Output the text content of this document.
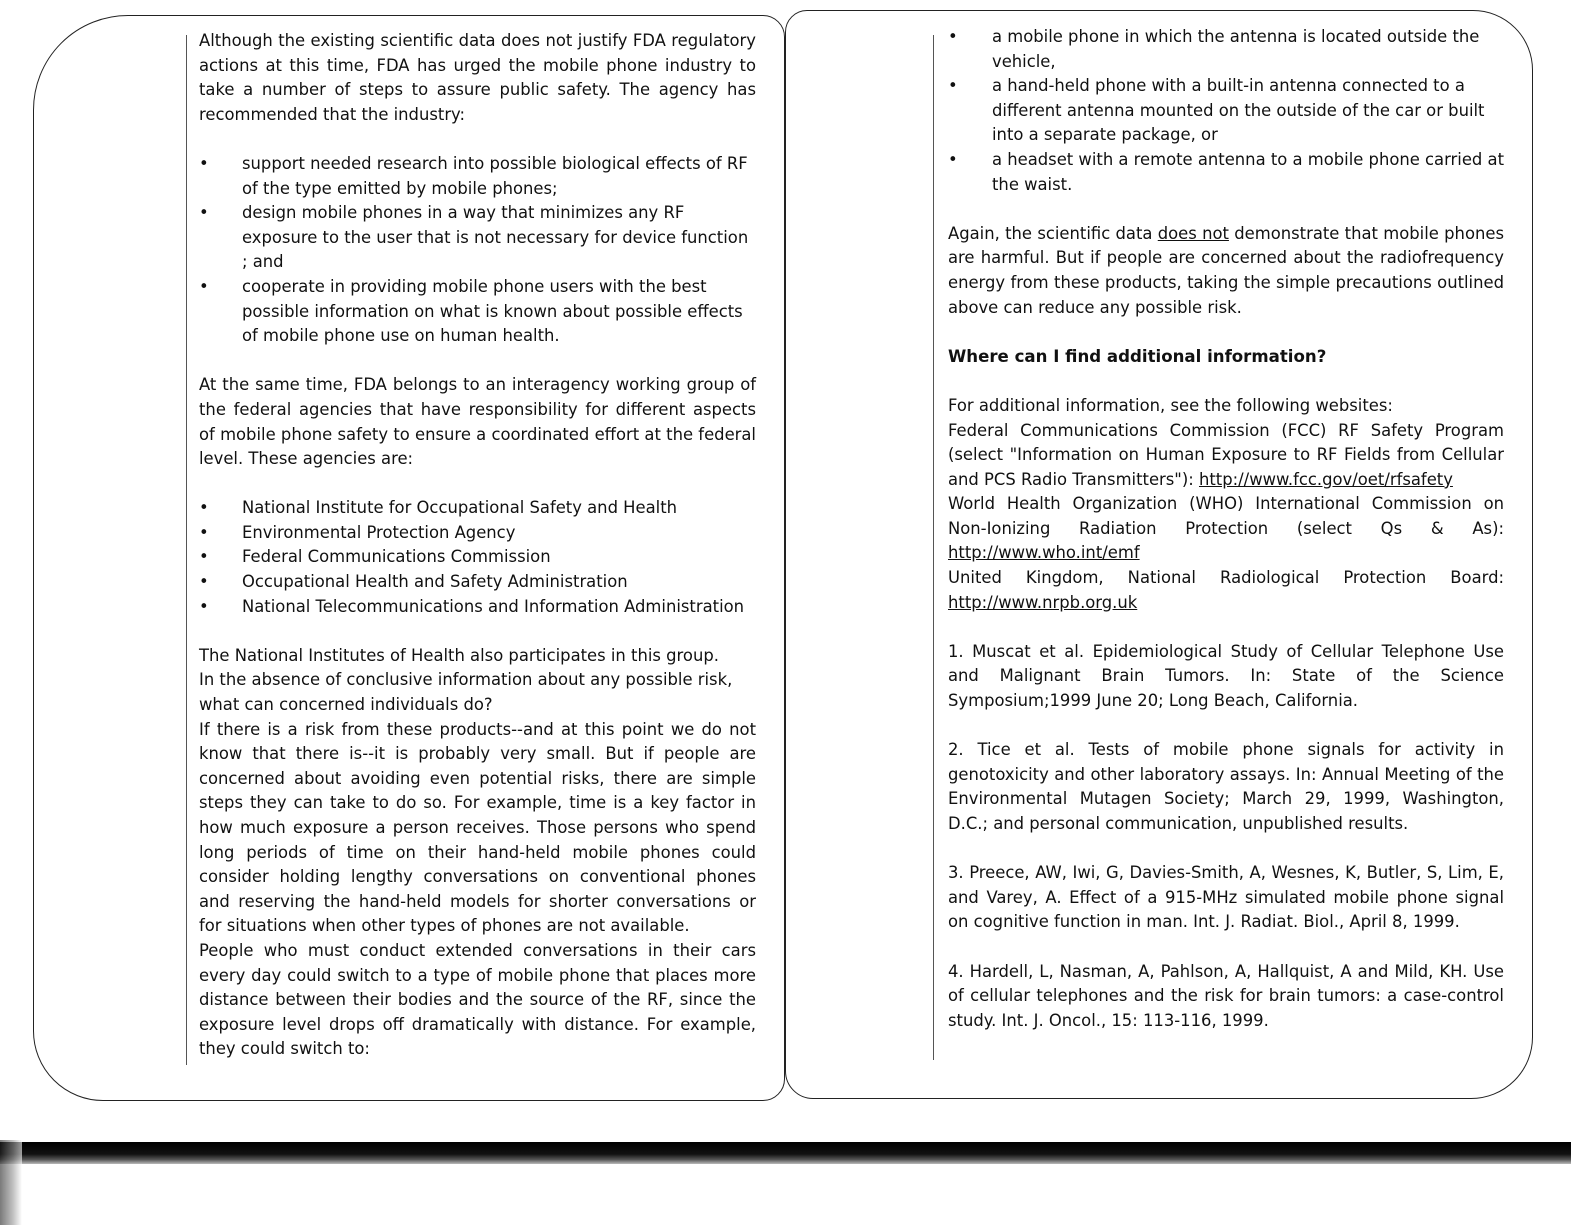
Although the existing scientific data does not justify FDA regulatory actions at this time, FDA has urged the mobile phone industry to take a number of steps to assure public safety. The agency has recommended that the industry:

• support needed research into possible biological effects of RF of the type emitted by mobile phones;
• design mobile phones in a way that minimizes any RF exposure to the user that is not necessary for device function ; and
• cooperate in providing mobile phone users with the best possible information on what is known about possible effects of mobile phone use on human health.

At the same time, FDA belongs to an interagency working group of the federal agencies that have responsibility for different aspects of mobile phone safety to ensure a coordinated effort at the federal level. These agencies are:

• National Institute for Occupational Safety and Health
• Environmental Protection Agency
• Federal Communications Commission
• Occupational Health and Safety Administration
• National Telecommunications and Information Administration

The National Institutes of Health also participates in this group.

In the absence of conclusive information about any possible risk, what can concerned individuals do?

If there is a risk from these products--and at this point we do not know that there is--it is probably very small. But if people are concerned about avoiding even potential risks, there are simple steps they can take to do so. For example, time is a key factor in how much exposure a person receives. Those persons who spend long periods of time on their hand-held mobile phones could consider holding lengthy conversations on conventional phones and reserving the hand-held models for shorter conversations or for situations when other types of phones are not available.

People who must conduct extended conversations in their cars every day could switch to a type of mobile phone that places more distance between their bodies and the source of the RF, since the exposure level drops off dramatically with distance. For example, they could switch to:

• a mobile phone in which the antenna is located outside the vehicle,
• a hand-held phone with a built-in antenna connected to a different antenna mounted on the outside of the car or built into a separate package, or
• a headset with a remote antenna to a mobile phone carried at the waist.

Again, the scientific data does not demonstrate that mobile phones are harmful. But if people are concerned about the radiofrequency energy from these products, taking the simple precautions outlined above can reduce any possible risk.

Where can I find additional information?

For additional information, see the following websites:

Federal Communications Commission (FCC) RF Safety Program (select "Information on Human Exposure to RF Fields from Cellular and PCS Radio Transmitters"): http://www.fcc.gov/oet/rfsafety

World Health Organization (WHO) International Commission on Non-Ionizing Radiation Protection (select Qs & As): http://www.who.int/emf

United Kingdom, National Radiological Protection Board: http://www.nrpb.org.uk

1. Muscat et al. Epidemiological Study of Cellular Telephone Use and Malignant Brain Tumors. In: State of the Science Symposium;1999 June 20; Long Beach, California.

2. Tice et al. Tests of mobile phone signals for activity in genotoxicity and other laboratory assays. In: Annual Meeting of the Environmental Mutagen Society; March 29, 1999, Washington, D.C.; and personal communication, unpublished results.

3. Preece, AW, Iwi, G, Davies-Smith, A, Wesnes, K, Butler, S, Lim, E, and Varey, A. Effect of a 915-MHz simulated mobile phone signal on cognitive function in man. Int. J. Radiat. Biol., April 8, 1999.

4. Hardell, L, Nasman, A, Pahlson, A, Hallquist, A and Mild, KH. Use of cellular telephones and the risk for brain tumors: a case-control study. Int. J. Oncol., 15: 113-116, 1999.
